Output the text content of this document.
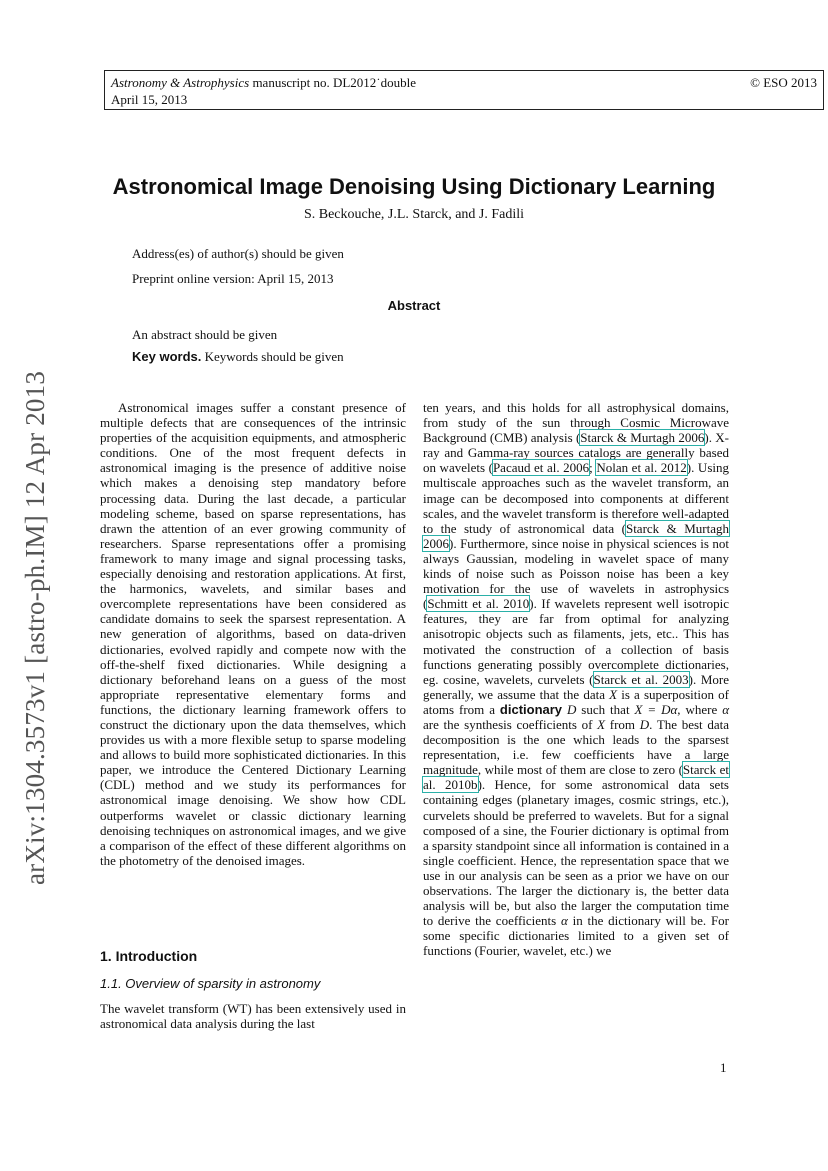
Astronomy & Astrophysics manuscript no. DL2012˙double
April 15, 2013
© ESO 2013
arXiv:1304.3573v1 [astro-ph.IM] 12 Apr 2013
Astronomical Image Denoising Using Dictionary Learning
S. Beckouche, J.L. Starck, and J. Fadili
Address(es) of author(s) should be given
Preprint online version: April 15, 2013
Abstract
An abstract should be given
Key words. Keywords should be given

Astronomical images suffer a constant presence of multiple defects that are consequences of the intrinsic properties of the acquisition equipments, and atmospheric conditions. One of the most frequent defects in astronomical imaging is the presence of additive noise which makes a denoising step mandatory before processing data. During the last decade, a particular modeling scheme, based on sparse representations, has drawn the attention of an ever growing community of researchers. Sparse representations offer a promising framework to many image and signal processing tasks, especially denoising and restoration applications. At first, the harmonics, wavelets, and similar bases and overcomplete representations have been considered as candidate domains to seek the sparsest representation. A new generation of algorithms, based on data-driven dictionaries, evolved rapidly and compete now with the off-the-shelf fixed dictionaries. While designing a dictionary beforehand leans on a guess of the most appropriate representative elementary forms and functions, the dictionary learning framework offers to construct the dictionary upon the data themselves, which provides us with a more flexible setup to sparse modeling and allows to build more sophisticated dictionaries. In this paper, we introduce the Centered Dictionary Learning (CDL) method and we study its performances for astronomical image denoising. We show how CDL outperforms wavelet or classic dictionary learning denoising techniques on astronomical images, and we give a comparison of the effect of these different algorithms on the photometry of the denoised images.

1. Introduction
1.1. Overview of sparsity in astronomy
The wavelet transform (WT) has been extensively used in astronomical data analysis during the last

ten years, and this holds for all astrophysical domains, from study of the sun through Cosmic Microwave Background (CMB) analysis (Starck & Murtagh 2006). X-ray and Gamma-ray sources catalogs are generally based on wavelets (Pacaud et al. 2006; Nolan et al. 2012). Using multiscale approaches such as the wavelet transform, an image can be decomposed into components at different scales, and the wavelet transform is therefore well-adapted to the study of astronomical data (Starck & Murtagh 2006). Furthermore, since noise in physical sciences is not always Gaussian, modeling in wavelet space of many kinds of noise such as Poisson noise has been a key motivation for the use of wavelets in astrophysics (Schmitt et al. 2010). If wavelets represent well isotropic features, they are far from optimal for analyzing anisotropic objects such as filaments, jets, etc.. This has motivated the construction of a collection of basis functions generating possibly overcomplete dictionaries, eg. cosine, wavelets, curvelets (Starck et al. 2003). More generally, we assume that the data X is a superposition of atoms from a dictionary D such that X = Dα, where α are the synthesis coefficients of X from D. The best data decomposition is the one which leads to the sparsest representation, i.e. few coefficients have a large magnitude, while most of them are close to zero (Starck et al. 2010b). Hence, for some astronomical data sets containing edges (planetary images, cosmic strings, etc.), curvelets should be preferred to wavelets. But for a signal composed of a sine, the Fourier dictionary is optimal from a sparsity standpoint since all information is contained in a single coefficient. Hence, the representation space that we use in our analysis can be seen as a prior we have on our observations. The larger the dictionary is, the better data analysis will be, but also the larger the computation time to derive the coefficients α in the dictionary will be. For some specific dictionaries limited to a given set of functions (Fourier, wavelet, etc.) we

1
